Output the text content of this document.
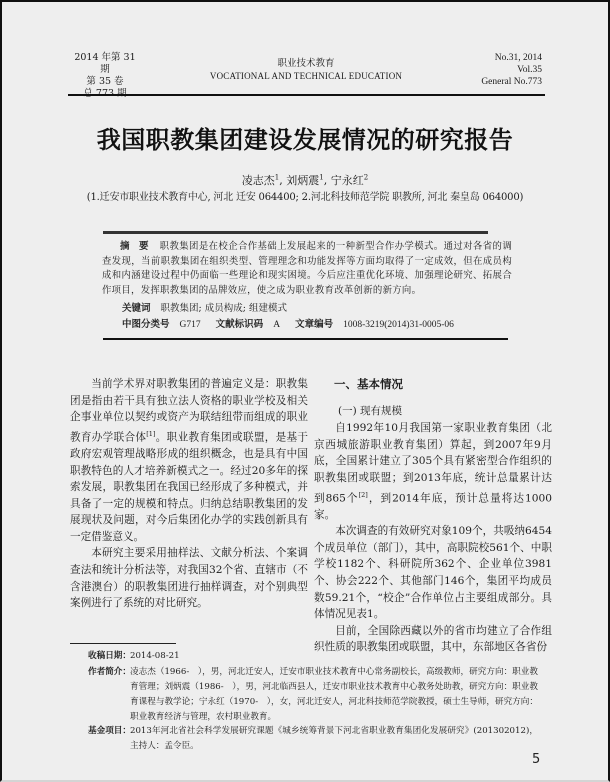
2014 年第 31 期
第 35 卷
职业技术教育
VOCATIONAL AND TECHNICAL EDUCATION
No.31, 2014
Vol.35
General No.773
我国职教集团建设发展情况的研究报告
凌志杰$^1$, 刘炳震$^1$, 宁永红$^2$
(1.迁安市职业技术教育中心, 河北 迁安 064400; 2.河北科技师范学院 职教所, 河北 秦皇岛 064000)
摘 要 职教集团是在校企合作基础上发展起来的一种新型合作办学模式。通过对各省的调查发现，当前职教集团在组织类型、管理理念和功能发挥等方面均取得了一定成效，但在成员构成和内涵建设过程中仍面临一些理论和现实困境。今后应注重优化环境、加强理论研究、拓展合作项目，发挥职教集团的品牌效应，使之成为职业教育改革创新的新方向。
关键词 职教集团; 成员构成; 组建模式
中图分类号 G717 文献标识码 A 文章编号 1008-3219(2014)31-0005-06

当前学术界对职教集团的普遍定义是：职教集团是指由若干具有独立法人资格的职业学校及相关企事业单位以契约或资产为联结纽带而组成的职业教育办学联合体[1]。职业教育集团或联盟，是基于政府宏观管理战略形成的组织概念，也是具有中国职教特色的人才培养新模式之一。经过20多年的探索发展，职教集团在我国已经形成了多种模式，并具备了一定的规模和特点。归纳总结职教集团的发展现状及问题，对今后集团化办学的实践创新具有一定借鉴意义。

本研究主要采用抽样法、文献分析法、个案调查法和统计分析法等，对我国32个省、直辖市（不含港澳台）的职教集团进行抽样调查，对个别典型案例进行了系统的对比研究。

一、基本情况
(一) 现有规模

自1992年10月我国第一家职业教育集团（北京西城旅游职业教育集团）算起，到2007年9月底，全国累计建立了305个具有紧密型合作组织的职教集团或联盟；到2013年底，统计总量累计达到865个[2]，到2014年底，预计总量将达1000家。

本次调查的有效研究对象109个，共吸纳6454个成员单位（部门），其中，高职院校561个、中职学校1182个、科研院所362个、企业单位3981个、协会222个、其他部门146个，集团平均成员数59.21个，“校企”合作单位占主要组成部分。具体情况见表1。

目前，全国除西藏以外的省市均建立了合作组织性质的职教集团或联盟，其中，东部地区各省份

收稿日期： 2014-08-21
作者简介： 凌志杰（1966-　），男，河北迁安人，迁安市职业技术教育中心常务副校长，高级教师，研究方向：职业教育管理；刘炳震（1986-　），男，河北临西县人，迁安市职业技术教育中心教务处助教，研究方向：职业教育课程与教学论；宁永红（1970-　），女，河北迁安人，河北科技师范学院教授，硕士生导师，研究方向：职业教育经济与管理，农村职业教育。
基金项目： 2013年河北省社会科学发展研究课题《城乡统筹背景下河北省职业教育集团化发展研究》(201302012)，主持人：孟令臣。
5
